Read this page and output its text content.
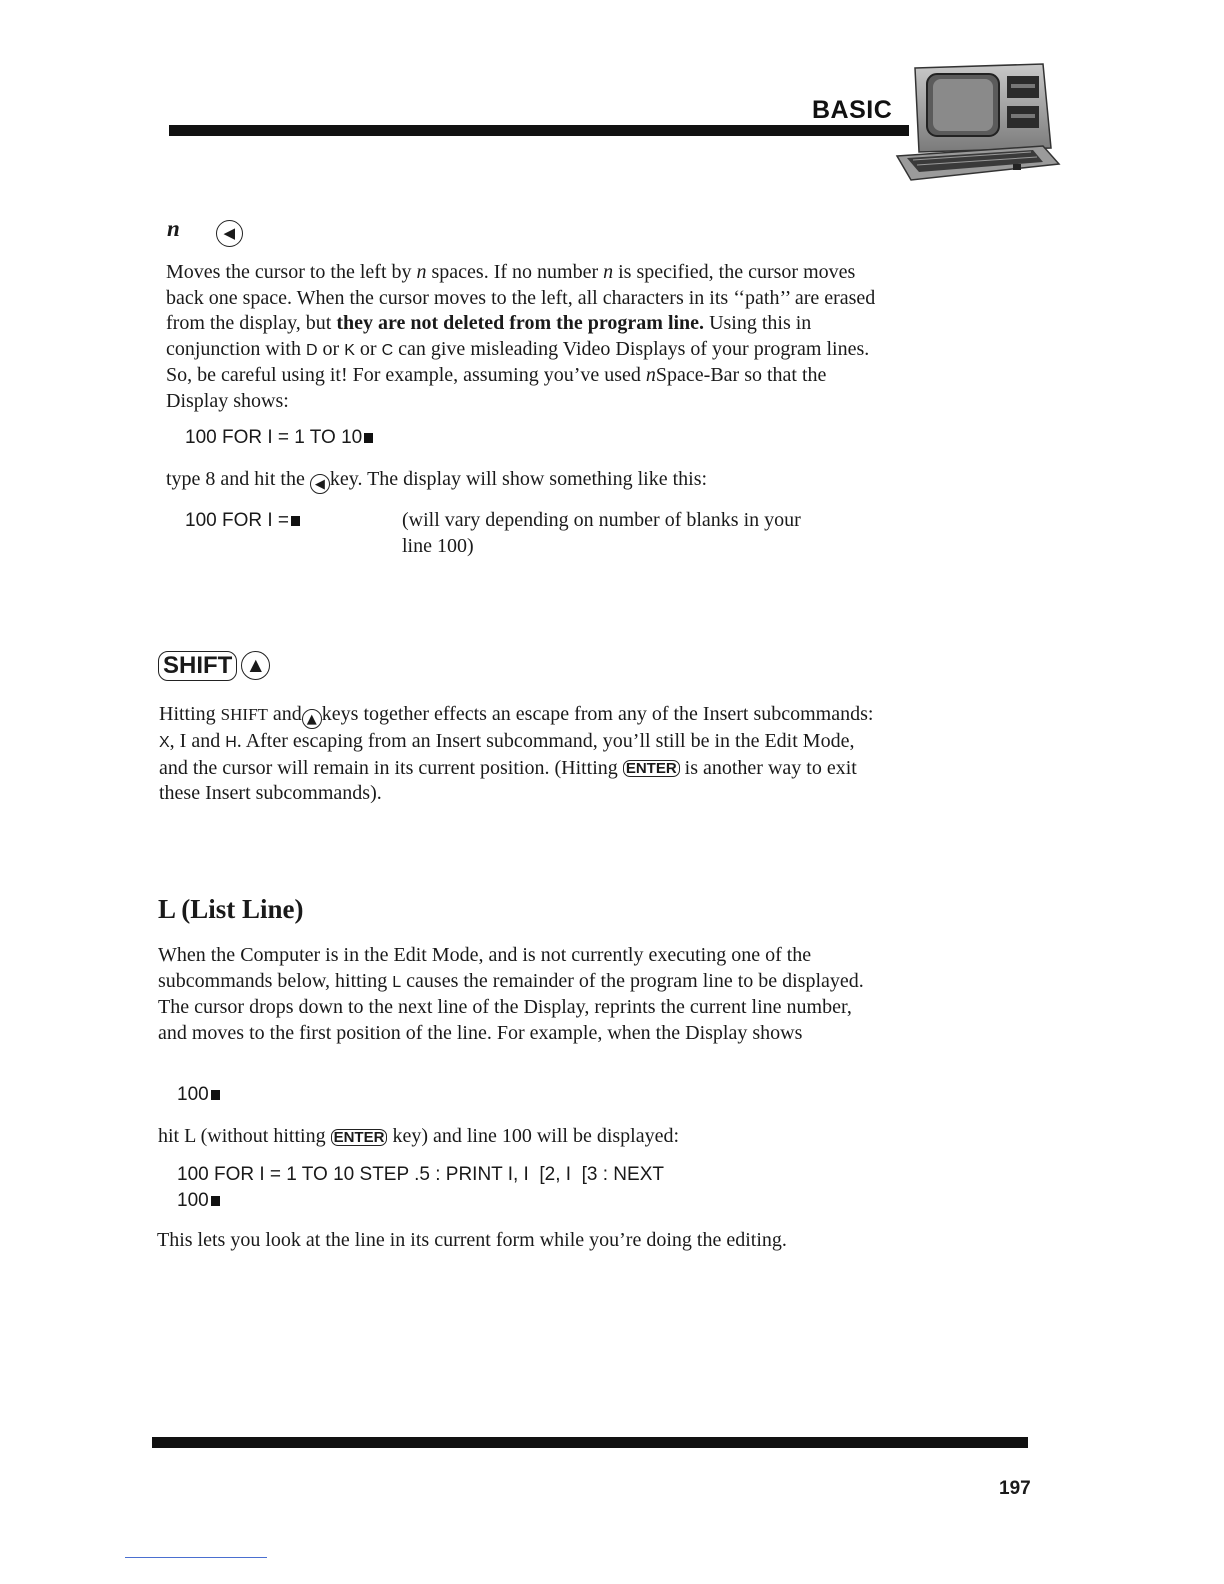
BASIC
n	◀
Moves the cursor to the left by n spaces. If no number n is specified, the cursor moves back one space. When the cursor moves to the left, all characters in its ‘‘path’’ are erased from the display, but they are not deleted from the program line. Using this in conjunction with D or K or C can give misleading Video Displays of your program lines. So, be careful using it! For example, assuming you’ve used nSpace-Bar so that the Display shows:
100 FOR I = 1 TO 10
type 8 and hit the ◀ key. The display will show something like this:
100 FOR I =	(will vary depending on number of blanks in your line 100)
SHIFT ▲
Hitting SHIFT and ▲ keys together effects an escape from any of the Insert subcommands: X, I and H. After escaping from an Insert subcommand, you’ll still be in the Edit Mode, and the cursor will remain in its current position. (Hitting ENTER is another way to exit these Insert subcommands).
L (List Line)
When the Computer is in the Edit Mode, and is not currently executing one of the subcommands below, hitting L causes the remainder of the program line to be displayed. The cursor drops down to the next line of the Display, reprints the current line number, and moves to the first position of the line. For example, when the Display shows
100
hit L (without hitting ENTER key) and line 100 will be displayed:
100 FOR I = 1 TO 10 STEP .5 : PRINT I, I  [2, I  [3 : NEXT
100
This lets you look at the line in its current form while you’re doing the editing.
197
